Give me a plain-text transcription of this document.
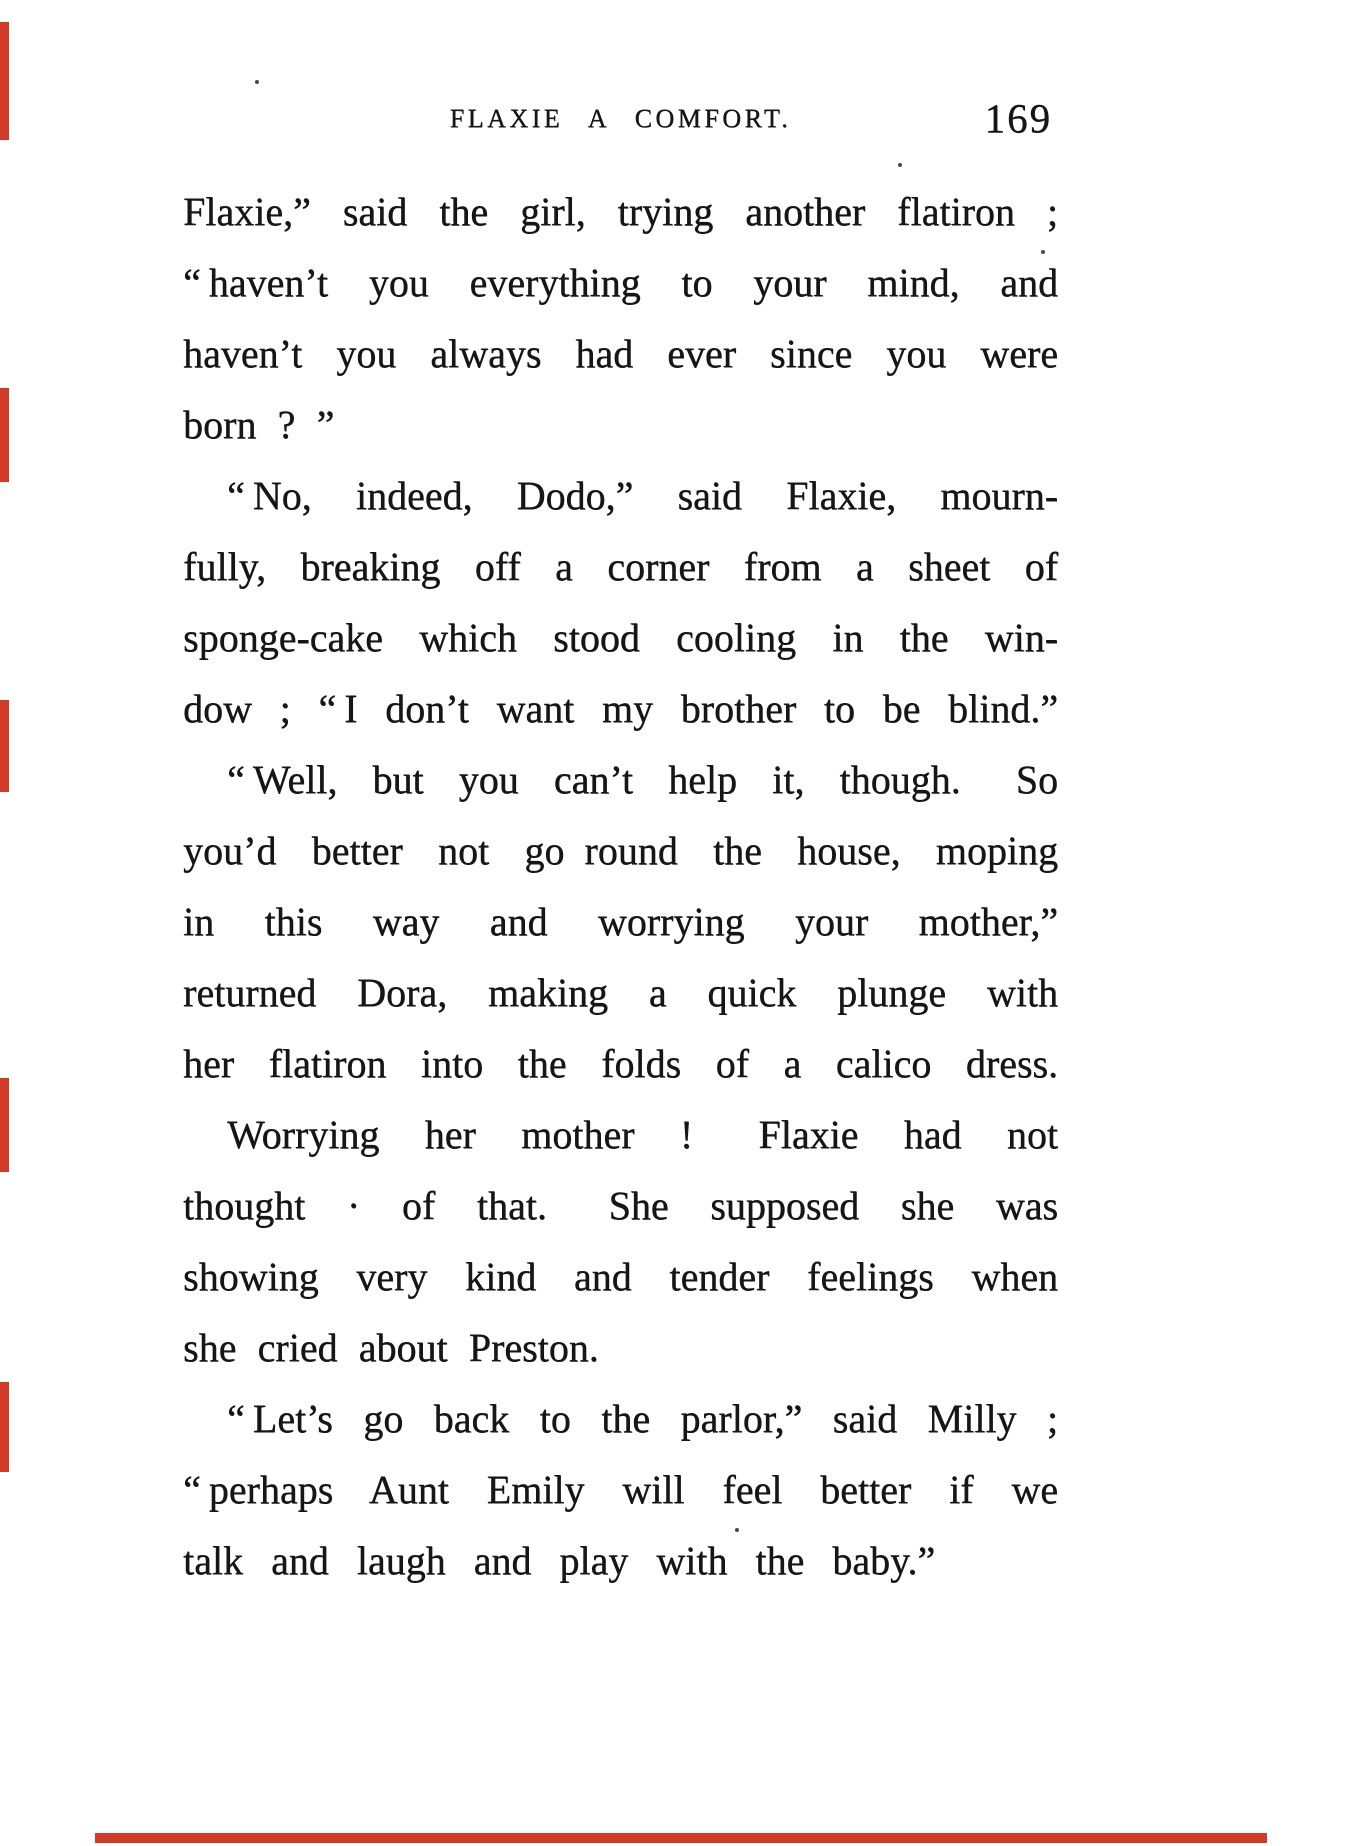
FLAXIE A COMFORT.	169
Flaxie,” said the girl, trying another flatiron ;
“ haven’t you everything to your mind, and
haven’t you always had ever since you were
born ? ”
“ No, indeed, Dodo,” said Flaxie, mourn-
fully, breaking off a corner from a sheet of
sponge-cake which stood cooling in the win-
dow ; “ I don’t want my brother to be blind.”
“ Well, but you can’t help it, though.  So
you’d better not go round the house, moping
in this way and worrying your mother,”
returned Dora, making a quick plunge with
her flatiron into the folds of a calico dress.
Worrying her mother !  Flaxie had not
thought · of that.  She supposed she was
showing very kind and tender feelings when
she cried about Preston.
“ Let’s go back to the parlor,” said Milly ;
“ perhaps Aunt Emily will feel better if we
talk and laugh and play with the baby.”
